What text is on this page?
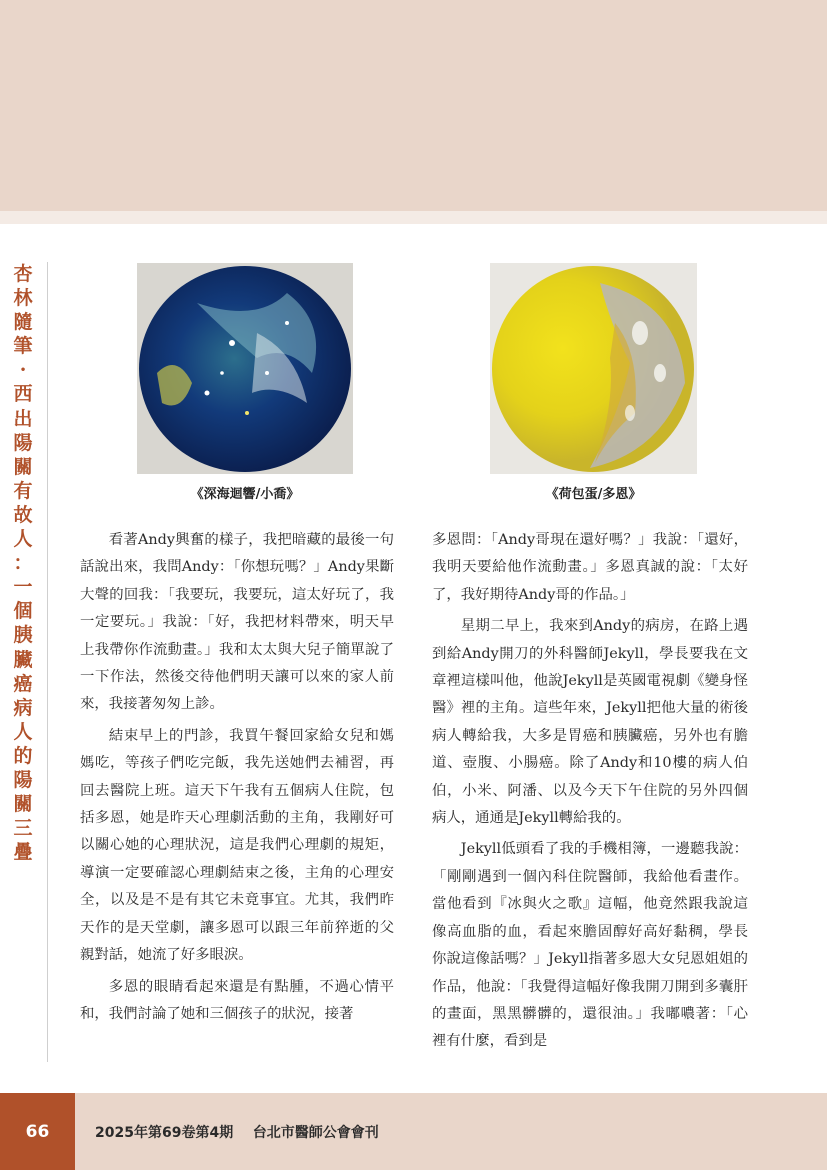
杏
林
隨
筆
·
西
出
陽
關
有
故
人
：
一
個
胰
臟
癌
病
人
的
陽
關
三
疊
《深海迴響/小喬》	《荷包蛋/多恩》

看著Andy興奮的樣子，我把暗藏的最後一句話說出來，我問Andy：「你想玩嗎？」Andy果斷大聲的回我：「我要玩，我要玩，這太好玩了，我一定要玩。」我說：「好，我把材料帶來，明天早上我帶你作流動畫。」我和太太與大兒子簡單說了一下作法，然後交待他們明天讓可以來的家人前來，我接著匆匆上診。

結束早上的門診，我買午餐回家給女兒和媽媽吃，等孩子們吃完飯，我先送她們去補習，再回去醫院上班。這天下午我有五個病人住院，包括多恩，她是昨天心理劇活動的主角，我剛好可以關心她的心理狀況，這是我們心理劇的規矩，導演一定要確認心理劇結束之後，主角的心理安全，以及是不是有其它未竟事宜。尤其，我們昨天作的是天堂劇，讓多恩可以跟三年前猝逝的父親對話，她流了好多眼淚。

多恩的眼睛看起來還是有點腫，不過心情平和，我們討論了她和三個孩子的狀況，接著

多恩問：「Andy哥現在還好嗎？」我說：「還好，我明天要給他作流動畫。」多恩真誠的說：「太好了，我好期待Andy哥的作品。」

星期二早上，我來到Andy的病房，在路上遇到給Andy開刀的外科醫師Jekyll，學長要我在文章裡這樣叫他，他說Jekyll是英國電視劇《變身怪醫》裡的主角。這些年來，Jekyll把他大量的術後病人轉給我，大多是胃癌和胰臟癌，另外也有膽道、壺腹、小腸癌。除了Andy和10樓的病人伯伯，小米、阿潘、以及今天下午住院的另外四個病人，通通是Jekyll轉給我的。

Jekyll低頭看了我的手機相簿，一邊聽我說：「剛剛遇到一個內科住院醫師，我給他看畫作。當他看到『冰與火之歌』這幅，他竟然跟我說這像高血脂的血，看起來膽固醇好高好黏稠，學長你說這像話嗎？」Jekyll指著多恩大女兒恩姐姐的作品，他說：「我覺得這幅好像我開刀開到多囊肝的畫面，黑黑髒髒的，還很油。」我嘟噥著：「心裡有什麼，看到是

66	2025年第69卷第4期 台北市醫師公會會刊
